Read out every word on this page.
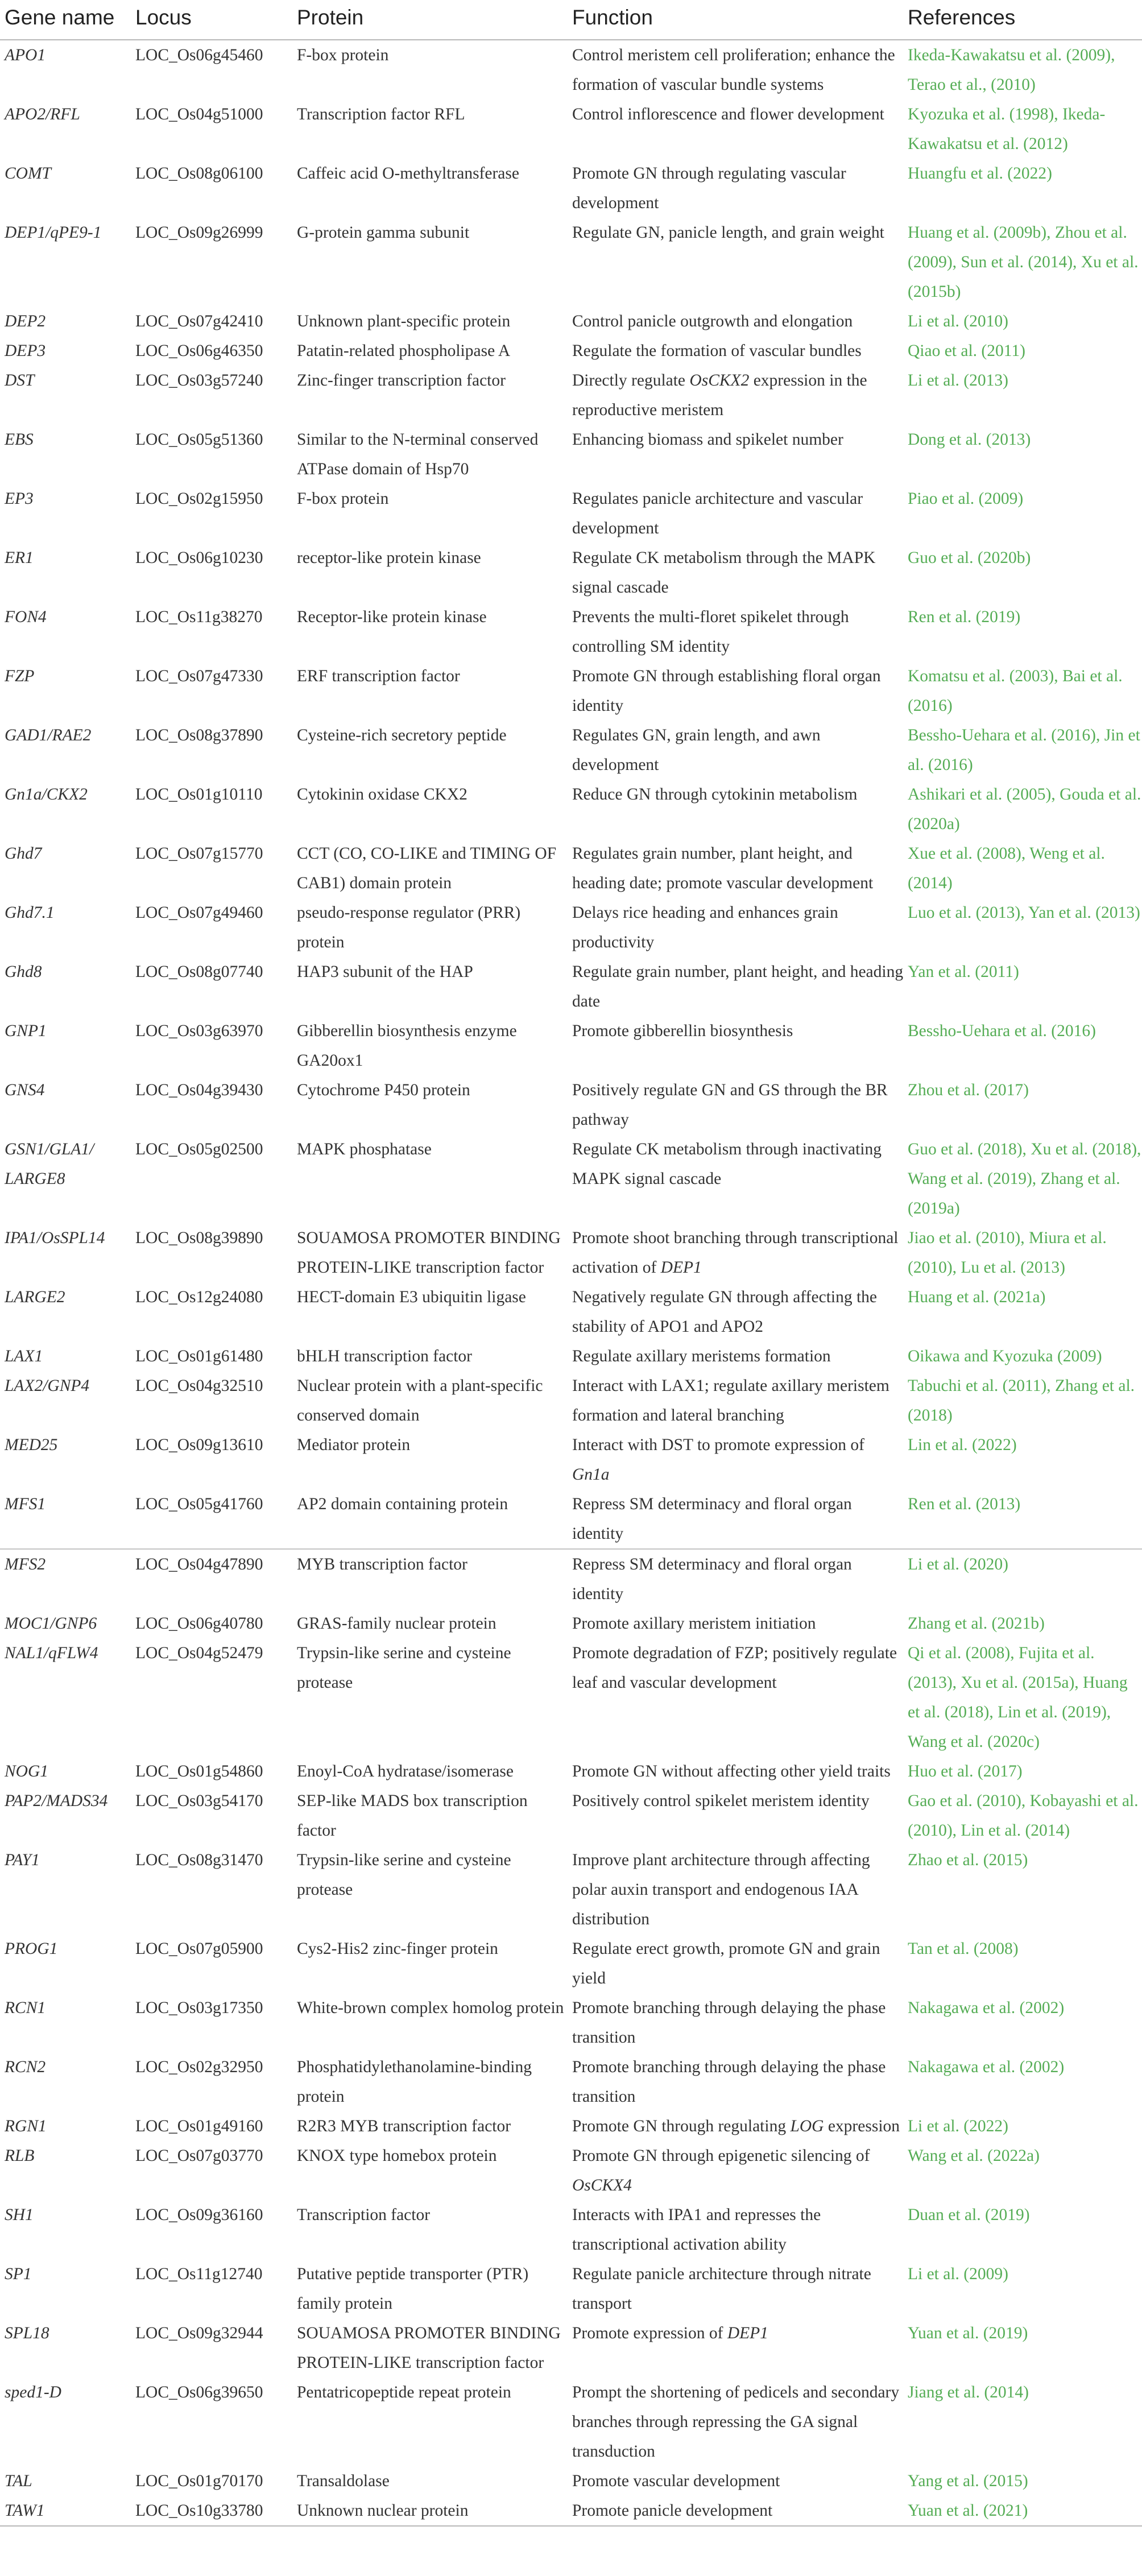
Gene name	Locus	Protein	Function	References
APO1	LOC_Os06g45460	F-box protein	Control meristem cell proliferation; enhance the formation of vascular bundle systems	Ikeda-Kawakatsu et al. (2009), Terao et al., (2010)
APO2/RFL	LOC_Os04g51000	Transcription factor RFL	Control inflorescence and flower development	Kyozuka et al. (1998), Ikeda-Kawakatsu et al. (2012)
COMT	LOC_Os08g06100	Caffeic acid O-methyltransferase	Promote GN through regulating vascular development	Huangfu et al. (2022)
DEP1/qPE9-1	LOC_Os09g26999	G-protein gamma subunit	Regulate GN, panicle length, and grain weight	Huang et al. (2009b), Zhou et al. (2009), Sun et al. (2014), Xu et al. (2015b)
DEP2	LOC_Os07g42410	Unknown plant-specific protein	Control panicle outgrowth and elongation	Li et al. (2010)
DEP3	LOC_Os06g46350	Patatin-related phospholipase A	Regulate the formation of vascular bundles	Qiao et al. (2011)
DST	LOC_Os03g57240	Zinc-finger transcription factor	Directly regulate OsCKX2 expression in the reproductive meristem	Li et al. (2013)
EBS	LOC_Os05g51360	Similar to the N-terminal conserved ATPase domain of Hsp70	Enhancing biomass and spikelet number	Dong et al. (2013)
EP3	LOC_Os02g15950	F-box protein	Regulates panicle architecture and vascular development	Piao et al. (2009)
ER1	LOC_Os06g10230	receptor-like protein kinase	Regulate CK metabolism through the MAPK signal cascade	Guo et al. (2020b)
FON4	LOC_Os11g38270	Receptor-like protein kinase	Prevents the multi-floret spikelet through controlling SM identity	Ren et al. (2019)
FZP	LOC_Os07g47330	ERF transcription factor	Promote GN through establishing floral organ identity	Komatsu et al. (2003), Bai et al. (2016)
GAD1/RAE2	LOC_Os08g37890	Cysteine-rich secretory peptide	Regulates GN, grain length, and awn development	Bessho-Uehara et al. (2016), Jin et al. (2016)
Gn1a/CKX2	LOC_Os01g10110	Cytokinin oxidase CKX2	Reduce GN through cytokinin metabolism	Ashikari et al. (2005), Gouda et al. (2020a)
Ghd7	LOC_Os07g15770	CCT (CO, CO-LIKE and TIMING OF CAB1) domain protein	Regulates grain number, plant height, and heading date; promote vascular development	Xue et al. (2008), Weng et al. (2014)
Ghd7.1	LOC_Os07g49460	pseudo-response regulator (PRR) protein	Delays rice heading and enhances grain productivity	Luo et al. (2013), Yan et al. (2013)
Ghd8	LOC_Os08g07740	HAP3 subunit of the HAP	Regulate grain number, plant height, and heading date	Yan et al. (2011)
GNP1	LOC_Os03g63970	Gibberellin biosynthesis enzyme GA20ox1	Promote gibberellin biosynthesis	Bessho-Uehara et al. (2016)
GNS4	LOC_Os04g39430	Cytochrome P450 protein	Positively regulate GN and GS through the BR pathway	Zhou et al. (2017)
GSN1/GLA1/ LARGE8	LOC_Os05g02500	MAPK phosphatase	Regulate CK metabolism through inactivating MAPK signal cascade	Guo et al. (2018), Xu et al. (2018), Wang et al. (2019), Zhang et al. (2019a)
IPA1/OsSPL14	LOC_Os08g39890	SOUAMOSA PROMOTER BINDING PROTEIN-LIKE transcription factor	Promote shoot branching through transcriptional activation of DEP1	Jiao et al. (2010), Miura et al. (2010), Lu et al. (2013)
LARGE2	LOC_Os12g24080	HECT-domain E3 ubiquitin ligase	Negatively regulate GN through affecting the stability of APO1 and APO2	Huang et al. (2021a)
LAX1	LOC_Os01g61480	bHLH transcription factor	Regulate axillary meristems formation	Oikawa and Kyozuka (2009)
LAX2/GNP4	LOC_Os04g32510	Nuclear protein with a plant-specific conserved domain	Interact with LAX1; regulate axillary meristem formation and lateral branching	Tabuchi et al. (2011), Zhang et al. (2018)
MED25	LOC_Os09g13610	Mediator protein	Interact with DST to promote expression of Gn1a	Lin et al. (2022)
MFS1	LOC_Os05g41760	AP2 domain containing protein	Repress SM determinacy and floral organ identity	Ren et al. (2013)
MFS2	LOC_Os04g47890	MYB transcription factor	Repress SM determinacy and floral organ identity	Li et al. (2020)
MOC1/GNP6	LOC_Os06g40780	GRAS-family nuclear protein	Promote axillary meristem initiation	Zhang et al. (2021b)
NAL1/qFLW4	LOC_Os04g52479	Trypsin-like serine and cysteine protease	Promote degradation of FZP; positively regulate leaf and vascular development	Qi et al. (2008), Fujita et al. (2013), Xu et al. (2015a), Huang et al. (2018), Lin et al. (2019), Wang et al. (2020c)
NOG1	LOC_Os01g54860	Enoyl-CoA hydratase/isomerase	Promote GN without affecting other yield traits	Huo et al. (2017)
PAP2/MADS34	LOC_Os03g54170	SEP-like MADS box transcription factor	Positively control spikelet meristem identity	Gao et al. (2010), Kobayashi et al. (2010), Lin et al. (2014)
PAY1	LOC_Os08g31470	Trypsin-like serine and cysteine protease	Improve plant architecture through affecting polar auxin transport and endogenous IAA distribution	Zhao et al. (2015)
PROG1	LOC_Os07g05900	Cys2-His2 zinc-finger protein	Regulate erect growth, promote GN and grain yield	Tan et al. (2008)
RCN1	LOC_Os03g17350	White-brown complex homolog protein	Promote branching through delaying the phase transition	Nakagawa et al. (2002)
RCN2	LOC_Os02g32950	Phosphatidylethanolamine-binding protein	Promote branching through delaying the phase transition	Nakagawa et al. (2002)
RGN1	LOC_Os01g49160	R2R3 MYB transcription factor	Promote GN through regulating LOG expression	Li et al. (2022)
RLB	LOC_Os07g03770	KNOX type homebox protein	Promote GN through epigenetic silencing of OsCKX4	Wang et al. (2022a)
SH1	LOC_Os09g36160	Transcription factor	Interacts with IPA1 and represses the transcriptional activation ability	Duan et al. (2019)
SP1	LOC_Os11g12740	Putative peptide transporter (PTR) family protein	Regulate panicle architecture through nitrate transport	Li et al. (2009)
SPL18	LOC_Os09g32944	SOUAMOSA PROMOTER BINDING PROTEIN-LIKE transcription factor	Promote expression of DEP1	Yuan et al. (2019)
sped1-D	LOC_Os06g39650	Pentatricopeptide repeat protein	Prompt the shortening of pedicels and secondary branches through repressing the GA signal transduction	Jiang et al. (2014)
TAL	LOC_Os01g70170	Transaldolase	Promote vascular development	Yang et al. (2015)
TAW1	LOC_Os10g33780	Unknown nuclear protein	Promote panicle development	Yuan et al. (2021)
